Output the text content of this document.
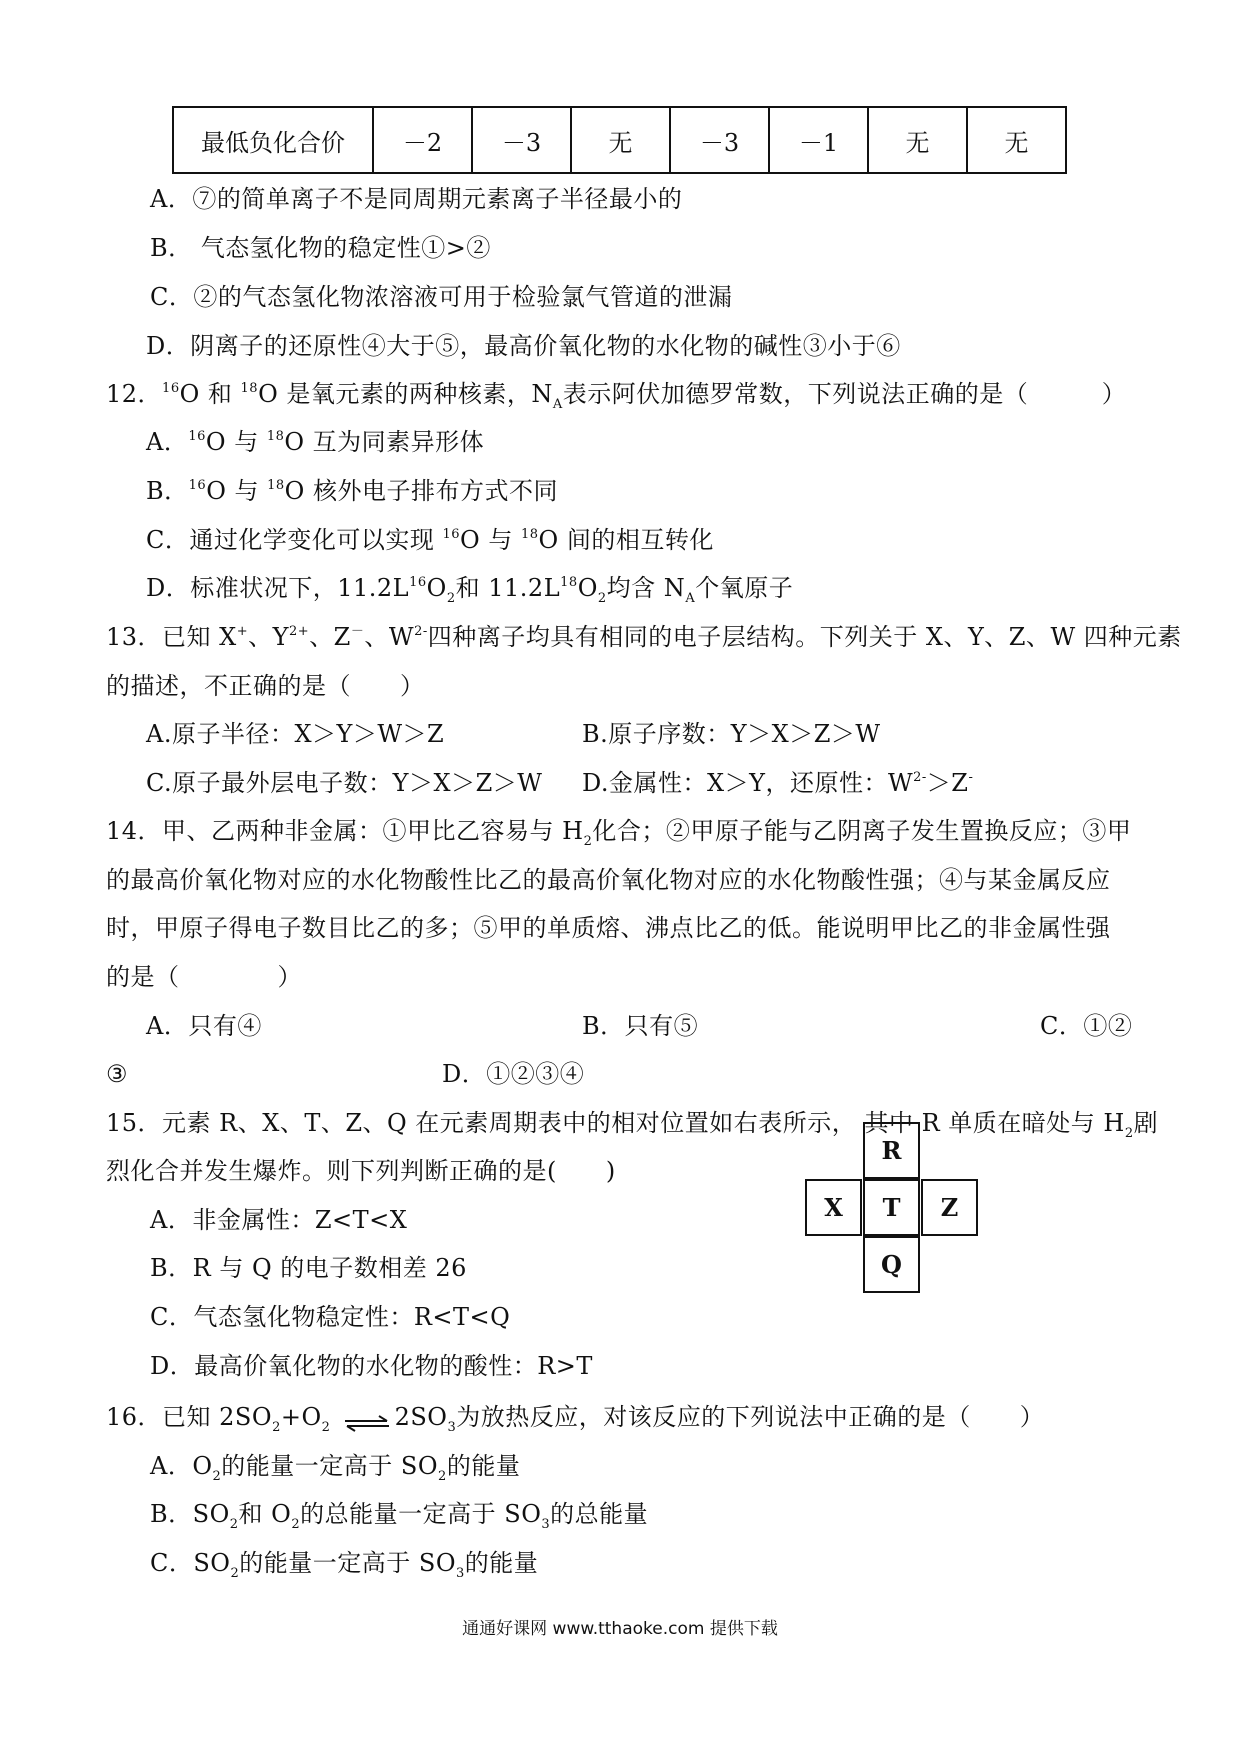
最低负化合价	－2	－3	无	－3	－1	无	无
A．⑦的简单离子不是同周期元素离子半径最小的
B． 气态氢化物的稳定性①>②
C．②的气态氢化物浓溶液可用于检验氯气管道的泄漏
D．阴离子的还原性④大于⑤，最高价氧化物的水化物的碱性③小于⑥
12．$^{16}$O 和 $^{18}$O 是氧元素的两种核素，$N_A$表示阿伏加德罗常数，下列说法正确的是（　　　）
A．$^{16}$O 与 $^{18}$O 互为同素异形体
B．$^{16}$O 与 $^{18}$O 核外电子排布方式不同
C．通过化学变化可以实现 $^{16}$O 与 $^{18}$O 间的相互转化
D．标准状况下，$11.2L^{16}O_2$和 $11.2L^{18}O_2$均含 $N_A$个氧原子
13．已知 X+、$Y^{2+}$、Z－、$W^{2-}$四种离子均具有相同的电子层结构。下列关于 X、Y、Z、W 四种元素
的描述，不正确的是（　　）
A.原子半径：X＞Y＞W＞Z	B.原子序数：Y＞X＞Z＞W
C.原子最外层电子数：Y＞X＞Z＞W D.金属性：X＞Y，还原性：$W^{2-}>Z^-$
14．甲、乙两种非金属：①甲比乙容易与 $H_2$化合；②甲原子能与乙阴离子发生置换反应；③甲
的最高价氧化物对应的水化物酸性比乙的最高价氧化物对应的水化物酸性强；④与某金属反应
时，甲原子得电子数目比乙的多；⑤甲的单质熔、沸点比乙的低。能说明甲比乙的非金属性强
的是（　　　　）
A．只有④	B．只有⑤	C．①②
③	D．①②③④
15．元素 R、X、T、Z、Q 在元素周期表中的相对位置如右表所示， 其中 R 单质在暗处与 $H_2$剧
烈化合并发生爆炸。则下列判断正确的是(　　)
A．非金属性：Z<T<X
B．R 与 Q 的电子数相差 26
C．气态氢化物稳定性：R<T<Q
D．最高价氧化物的水化物的酸性：R>T
R
X	T	Z
Q
16．已知 $2SO_2+O_2$ ⇌ $2SO_3$为放热反应，对该反应的下列说法中正确的是（　　）
A．$O_2$的能量一定高于 $SO_2$的能量
B．$SO_2$和 $O_2$的总能量一定高于 $SO_3$的总能量
C．$SO_2$的能量一定高于 $SO_3$的能量
通通好课网 www.tthaoke.com 提供下载
